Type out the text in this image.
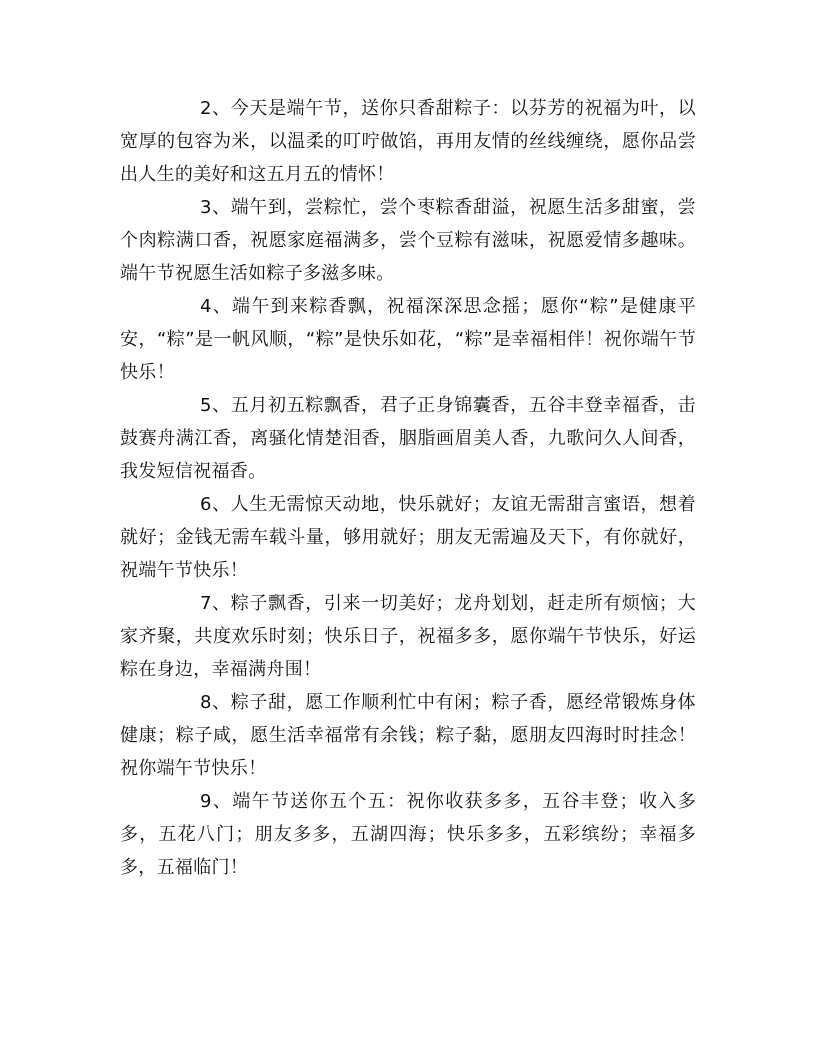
2、今天是端午节，送你只香甜粽子：以芬芳的祝福为叶，以宽厚的包容为米，以温柔的叮咛做馅，再用友情的丝线缠绕，愿你品尝出人生的美好和这五月五的情怀！

3、端午到，尝粽忙，尝个枣粽香甜溢，祝愿生活多甜蜜，尝个肉粽满口香，祝愿家庭福满多，尝个豆粽有滋味，祝愿爱情多趣味。端午节祝愿生活如粽子多滋多味。

4、端午到来粽香飘，祝福深深思念摇；愿你“粽”是健康平安，“粽”是一帆风顺，“粽”是快乐如花，“粽”是幸福相伴！祝你端午节快乐！

5、五月初五粽飘香，君子正身锦囊香，五谷丰登幸福香，击鼓赛舟满江香，离骚化情楚泪香，胭脂画眉美人香，九歌问久人间香，我发短信祝福香。

6、人生无需惊天动地，快乐就好；友谊无需甜言蜜语，想着就好；金钱无需车载斗量，够用就好；朋友无需遍及天下，有你就好，祝端午节快乐！

7、粽子飘香，引来一切美好；龙舟划划，赶走所有烦恼；大家齐聚，共度欢乐时刻；快乐日子，祝福多多，愿你端午节快乐，好运粽在身边，幸福满舟围！

8、粽子甜，愿工作顺利忙中有闲；粽子香，愿经常锻炼身体健康；粽子咸，愿生活幸福常有余钱；粽子黏，愿朋友四海时时挂念！祝你端午节快乐！

9、端午节送你五个五：祝你收获多多，五谷丰登；收入多多，五花八门；朋友多多，五湖四海；快乐多多，五彩缤纷；幸福多多，五福临门！
